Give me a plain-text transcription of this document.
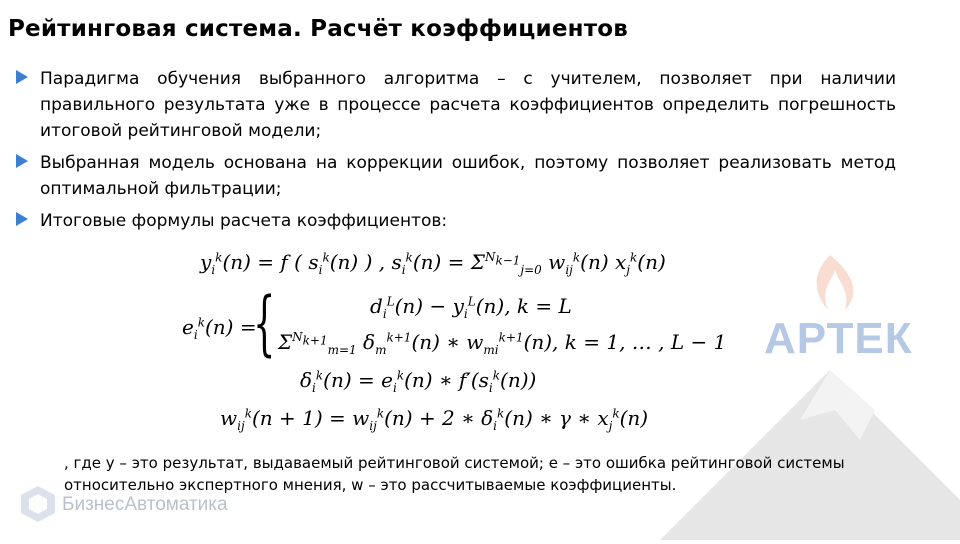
АРТЕК
Рейтинговая система. Расчёт коэффициентов
Парадигма обучения выбранного алгоритма – с учителем, позволяет при наличии правильного результата уже в процессе расчета коэффициентов определить погрешность итоговой рейтинговой модели;
Выбранная модель основана на коррекции ошибок, поэтому позволяет реализовать метод оптимальной фильтрации;
Итоговые формулы расчета коэффициентов:
$y_i^k(n) = f$ ( $s_i^k(n)$ ) , $s_i^k(n) = \Sigma^{N_{k-1}}_{j=0}$ $w_{ij}^k(n)$ $x_j^k(n)$
$e_i^k(n)$ =
{	$d_i^L(n) - y_i^L(n)$, k = L
$\Sigma^{N_{k+1}}_{m=1}$ $\delta_m^{k+1}(n)$ ∗ $w_{mi}^{k+1}(n)$, k = 1, … , L − 1
$\delta_i^k(n) = e_i^k(n)$ ∗ $f'(s_i^k(n))$
$w_{ij}^k(n + 1) = w_{ij}^k(n) + 2$ ∗ $\delta_i^k(n)$ ∗ γ ∗ $x_j^k(n)$
, где y – это результат, выдаваемый рейтинговой системой; e – это ошибка рейтинговой системы относительно экспертного мнения, w – это рассчитываемые коэффициенты.
БизнесАвтоматика
